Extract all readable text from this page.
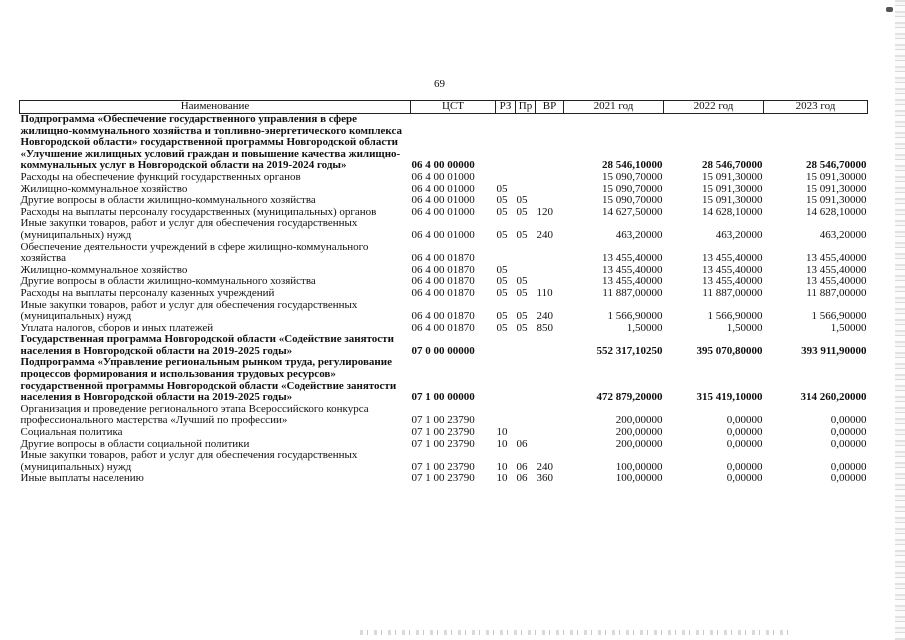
69
Наименование	ЦСТ	РЗ	Пр	ВР	2021 год	2022 год	2023 год
Подпрограмма «Обеспечение государственного управления в сфере жилищно-коммунального хозяйства и топливно-энергетического комплекса Новгородской области» государственной программы Новгородской области «Улучшение жилищных условий граждан и повышение качества жилищно-коммунальных услуг в Новгородской области на 2019-2024 годы»	06 4 00 00000				28 546,10000	28 546,70000	28 546,70000
Расходы на обеспечение функций государственных органов	06 4 00 01000				15 090,70000	15 091,30000	15 091,30000
Жилищно-коммунальное хозяйство	06 4 00 01000	05			15 090,70000	15 091,30000	15 091,30000
Другие вопросы в области жилищно-коммунального хозяйства	06 4 00 01000	05	05		15 090,70000	15 091,30000	15 091,30000
Расходы на выплаты персоналу государственных (муниципальных) органов	06 4 00 01000	05	05	120	14 627,50000	14 628,10000	14 628,10000
Иные закупки товаров, работ и услуг для обеспечения государственных (муниципальных) нужд	06 4 00 01000	05	05	240	463,20000	463,20000	463,20000
Обеспечение деятельности учреждений в сфере жилищно-коммунального хозяйства	06 4 00 01870				13 455,40000	13 455,40000	13 455,40000
Жилищно-коммунальное хозяйство	06 4 00 01870	05			13 455,40000	13 455,40000	13 455,40000
Другие вопросы в области жилищно-коммунального хозяйства	06 4 00 01870	05	05		13 455,40000	13 455,40000	13 455,40000
Расходы на выплаты персоналу казенных учреждений	06 4 00 01870	05	05	110	11 887,00000	11 887,00000	11 887,00000
Иные закупки товаров, работ и услуг для обеспечения государственных (муниципальных) нужд	06 4 00 01870	05	05	240	1 566,90000	1 566,90000	1 566,90000
Уплата налогов, сборов и иных платежей	06 4 00 01870	05	05	850	1,50000	1,50000	1,50000
Государственная программа Новгородской области «Содействие занятости населения в Новгородской области на 2019-2025 годы»	07 0 00 00000				552 317,10250	395 070,80000	393 911,90000
Подпрограмма «Управление региональным рынком труда, регулирование процессов формирования и использования трудовых ресурсов» государственной программы Новгородской области «Содействие занятости населения в Новгородской области на 2019-2025 годы»	07 1 00 00000				472 879,20000	315 419,10000	314 260,20000
Организация и проведение регионального этапа Всероссийского конкурса профессионального мастерства «Лучший по профессии»	07 1 00 23790				200,00000	0,00000	0,00000
Социальная политика	07 1 00 23790	10			200,00000	0,00000	0,00000
Другие вопросы в области социальной политики	07 1 00 23790	10	06		200,00000	0,00000	0,00000
Иные закупки товаров, работ и услуг для обеспечения государственных (муниципальных) нужд	07 1 00 23790	10	06	240	100,00000	0,00000	0,00000
Иные выплаты населению	07 1 00 23790	10	06	360	100,00000	0,00000	0,00000
